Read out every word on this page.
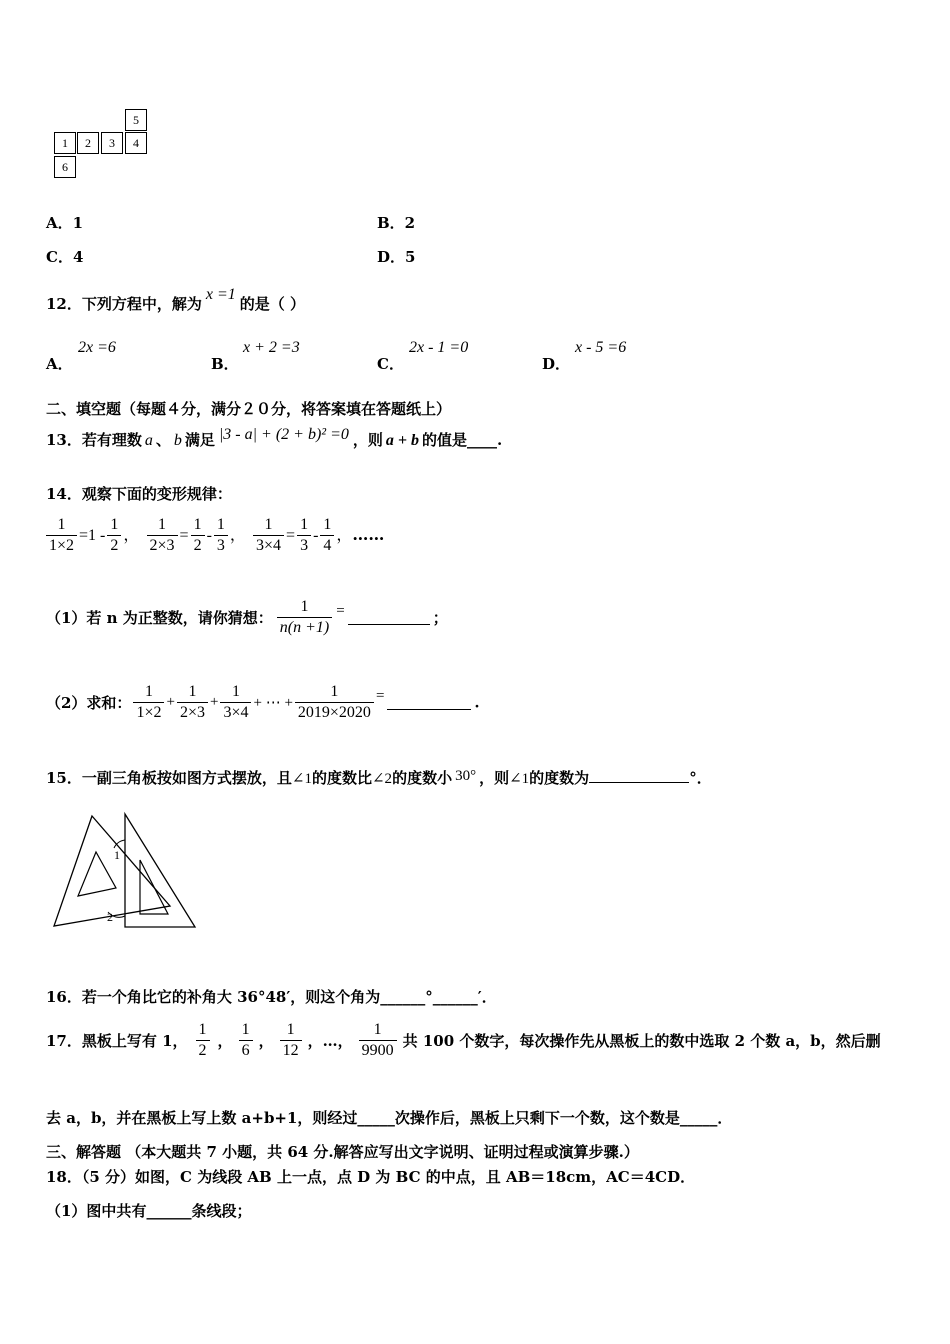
5
1	2	3	4
6
A．1	B．2
C．4	D．5
12．下列方程中，解为x =1的是（ ）
A．
2x =6
B．
x + 2 =3
C．
2x - 1 =0
D．
x - 5 =6
二、填空题（每题４分，满分２０分，将答案填在答题纸上）
13．若有理数 a 、 b 满足 |3 - a| + (2 + b)² =0 ，则 a + b 的值是____.
14．观察下面的变形规律：
$\frac{1}{1\times 2} =1 - \frac{1}{2}$ ， $\frac{1}{2\times 3} = \frac{1}{2} - \frac{1}{3}$ ， $\frac{1}{3\times 4} = \frac{1}{3} - \frac{1}{4}$ ，……
（1）若 n 为正整数，请你猜想： $\frac{1}{n(n +1)}$ =	；
（2）求和： $\frac{1}{1\times 2} + \frac{1}{2\times 3} + \frac{1}{3\times 4}$ + ⋯ + $\frac{1}{2019\times 2020}$ =	.
15．一副三角板按如图方式摆放，且∠1的度数比∠2的度数小 30° ，则∠1的度数为	°．
1
2
16．若一个角比它的补角大 36°48′，则这个角为______°______′．
17．黑板上写有 1， $\frac{1}{2}$ ， $\frac{1}{6}$ ， $\frac{1}{12}$ ，…， $\frac{1}{9900}$ 共 100 个数字，每次操作先从黑板上的数中选取 2 个数 a，b，然后删
去 a，b，并在黑板上写上数 a+b+1，则经过_____次操作后，黑板上只剩下一个数，这个数是_____．
三、解答题 （本大题共 7 小题，共 64 分.解答应写出文字说明、证明过程或演算步骤.）
18．（5 分）如图，C 为线段 AB 上一点，点 D 为 BC 的中点，且 AB＝18cm，AC＝4CD．
（1）图中共有______条线段；
